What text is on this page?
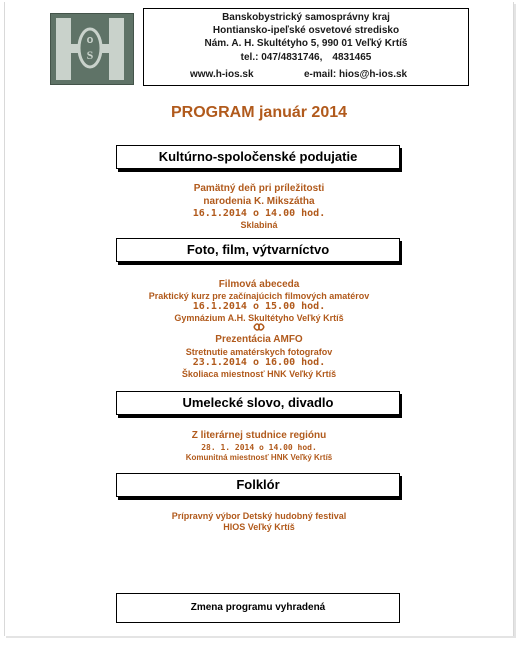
o
S
Banskobystrický samosprávny kraj
Hontiansko-ipeľské osvetové stredisko
Nám. A. H. Skultétyho 5, 990 01 Veľký Krtíš
tel.: 047/4831746, 4831465
www.h-ios.sk	e-mail: hios@h-ios.sk
PROGRAM január 2014
Kultúrno-spoločenské podujatie
Pamätný deň pri príležitosti
narodenia K. Mikszátha
16.1.2014 o 14.00 hod.
Sklabiná
Foto, film, výtvarníctvo
Filmová abeceda
Praktický kurz pre začínajúcich filmových amatérov
16.1.2014 o 15.00 hod.
Gymnázium A.H. Skultétyho Veľký Krtíš
Prezentácia AMFO
Stretnutie amatérskych fotografov
23.1.2014 o 16.00 hod.
Školiaca miestnosť HNK Veľký Krtíš
Umelecké slovo, divadlo
Z literárnej studnice regiónu
28. 1. 2014 o 14.00 hod.
Komunitná miestnosť HNK Veľký Krtíš
Folklór
Prípravný výbor Detský hudobný festival
HIOS Veľký Krtíš
Zmena programu vyhradená
